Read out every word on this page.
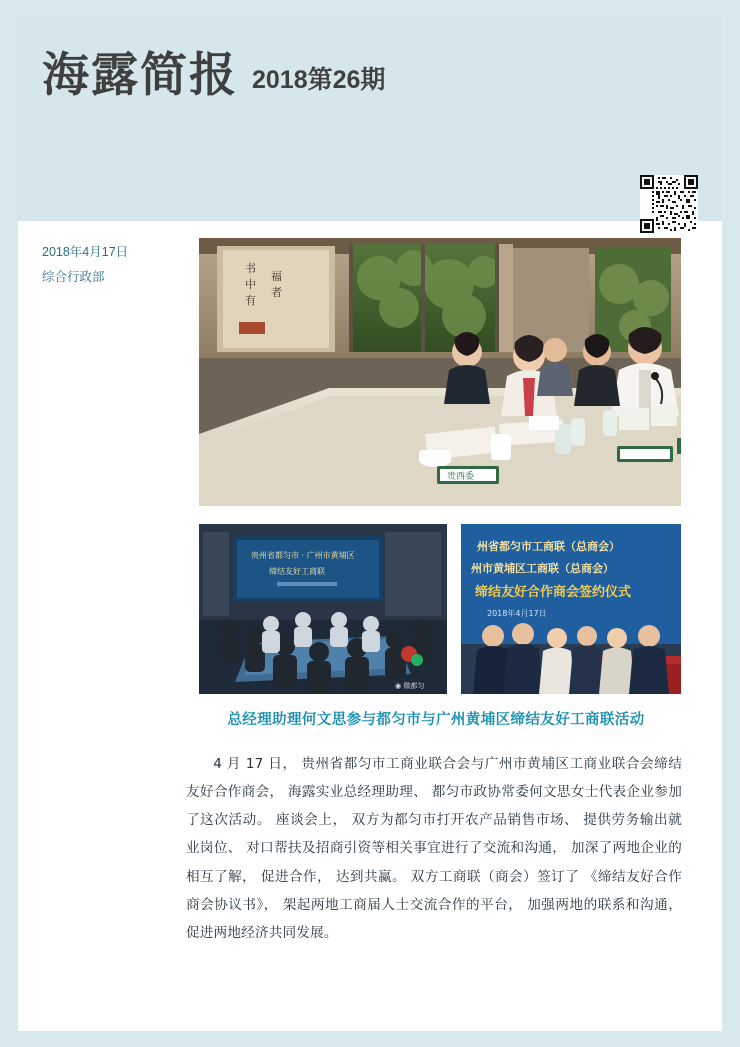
海露简报 2018第26期
2018年4月17日
综合行政部
书
中
有
福
者
贵西委
贵州省都匀市 · 广州市黄埔区
缔结友好工商联
◉ 微都匀
州省都匀市工商联（总商会）
州市黄埔区工商联（总商会）
缔结友好合作商会签约仪式
2018年4月17日
总经理助理何文思参与都匀市与广州黄埔区缔结友好工商联活动

4 月 17 日， 贵州省都匀市工商业联合会与广州市黄埔区工商业联合会缔结友好合作商会， 海露实业总经理助理、 都匀市政协常委何文思女士代表企业参加了这次活动。 座谈会上， 双方为都匀市打开农产品销售市场、 提供劳务输出就业岗位、 对口帮扶及招商引资等相关事宜进行了交流和沟通， 加深了两地企业的相互了解， 促进合作， 达到共赢。 双方工商联（商会）签订了 《缔结友好合作商会协议书》， 架起两地工商届人士交流合作的平台， 加强两地的联系和沟通， 促进两地经济共同发展。
